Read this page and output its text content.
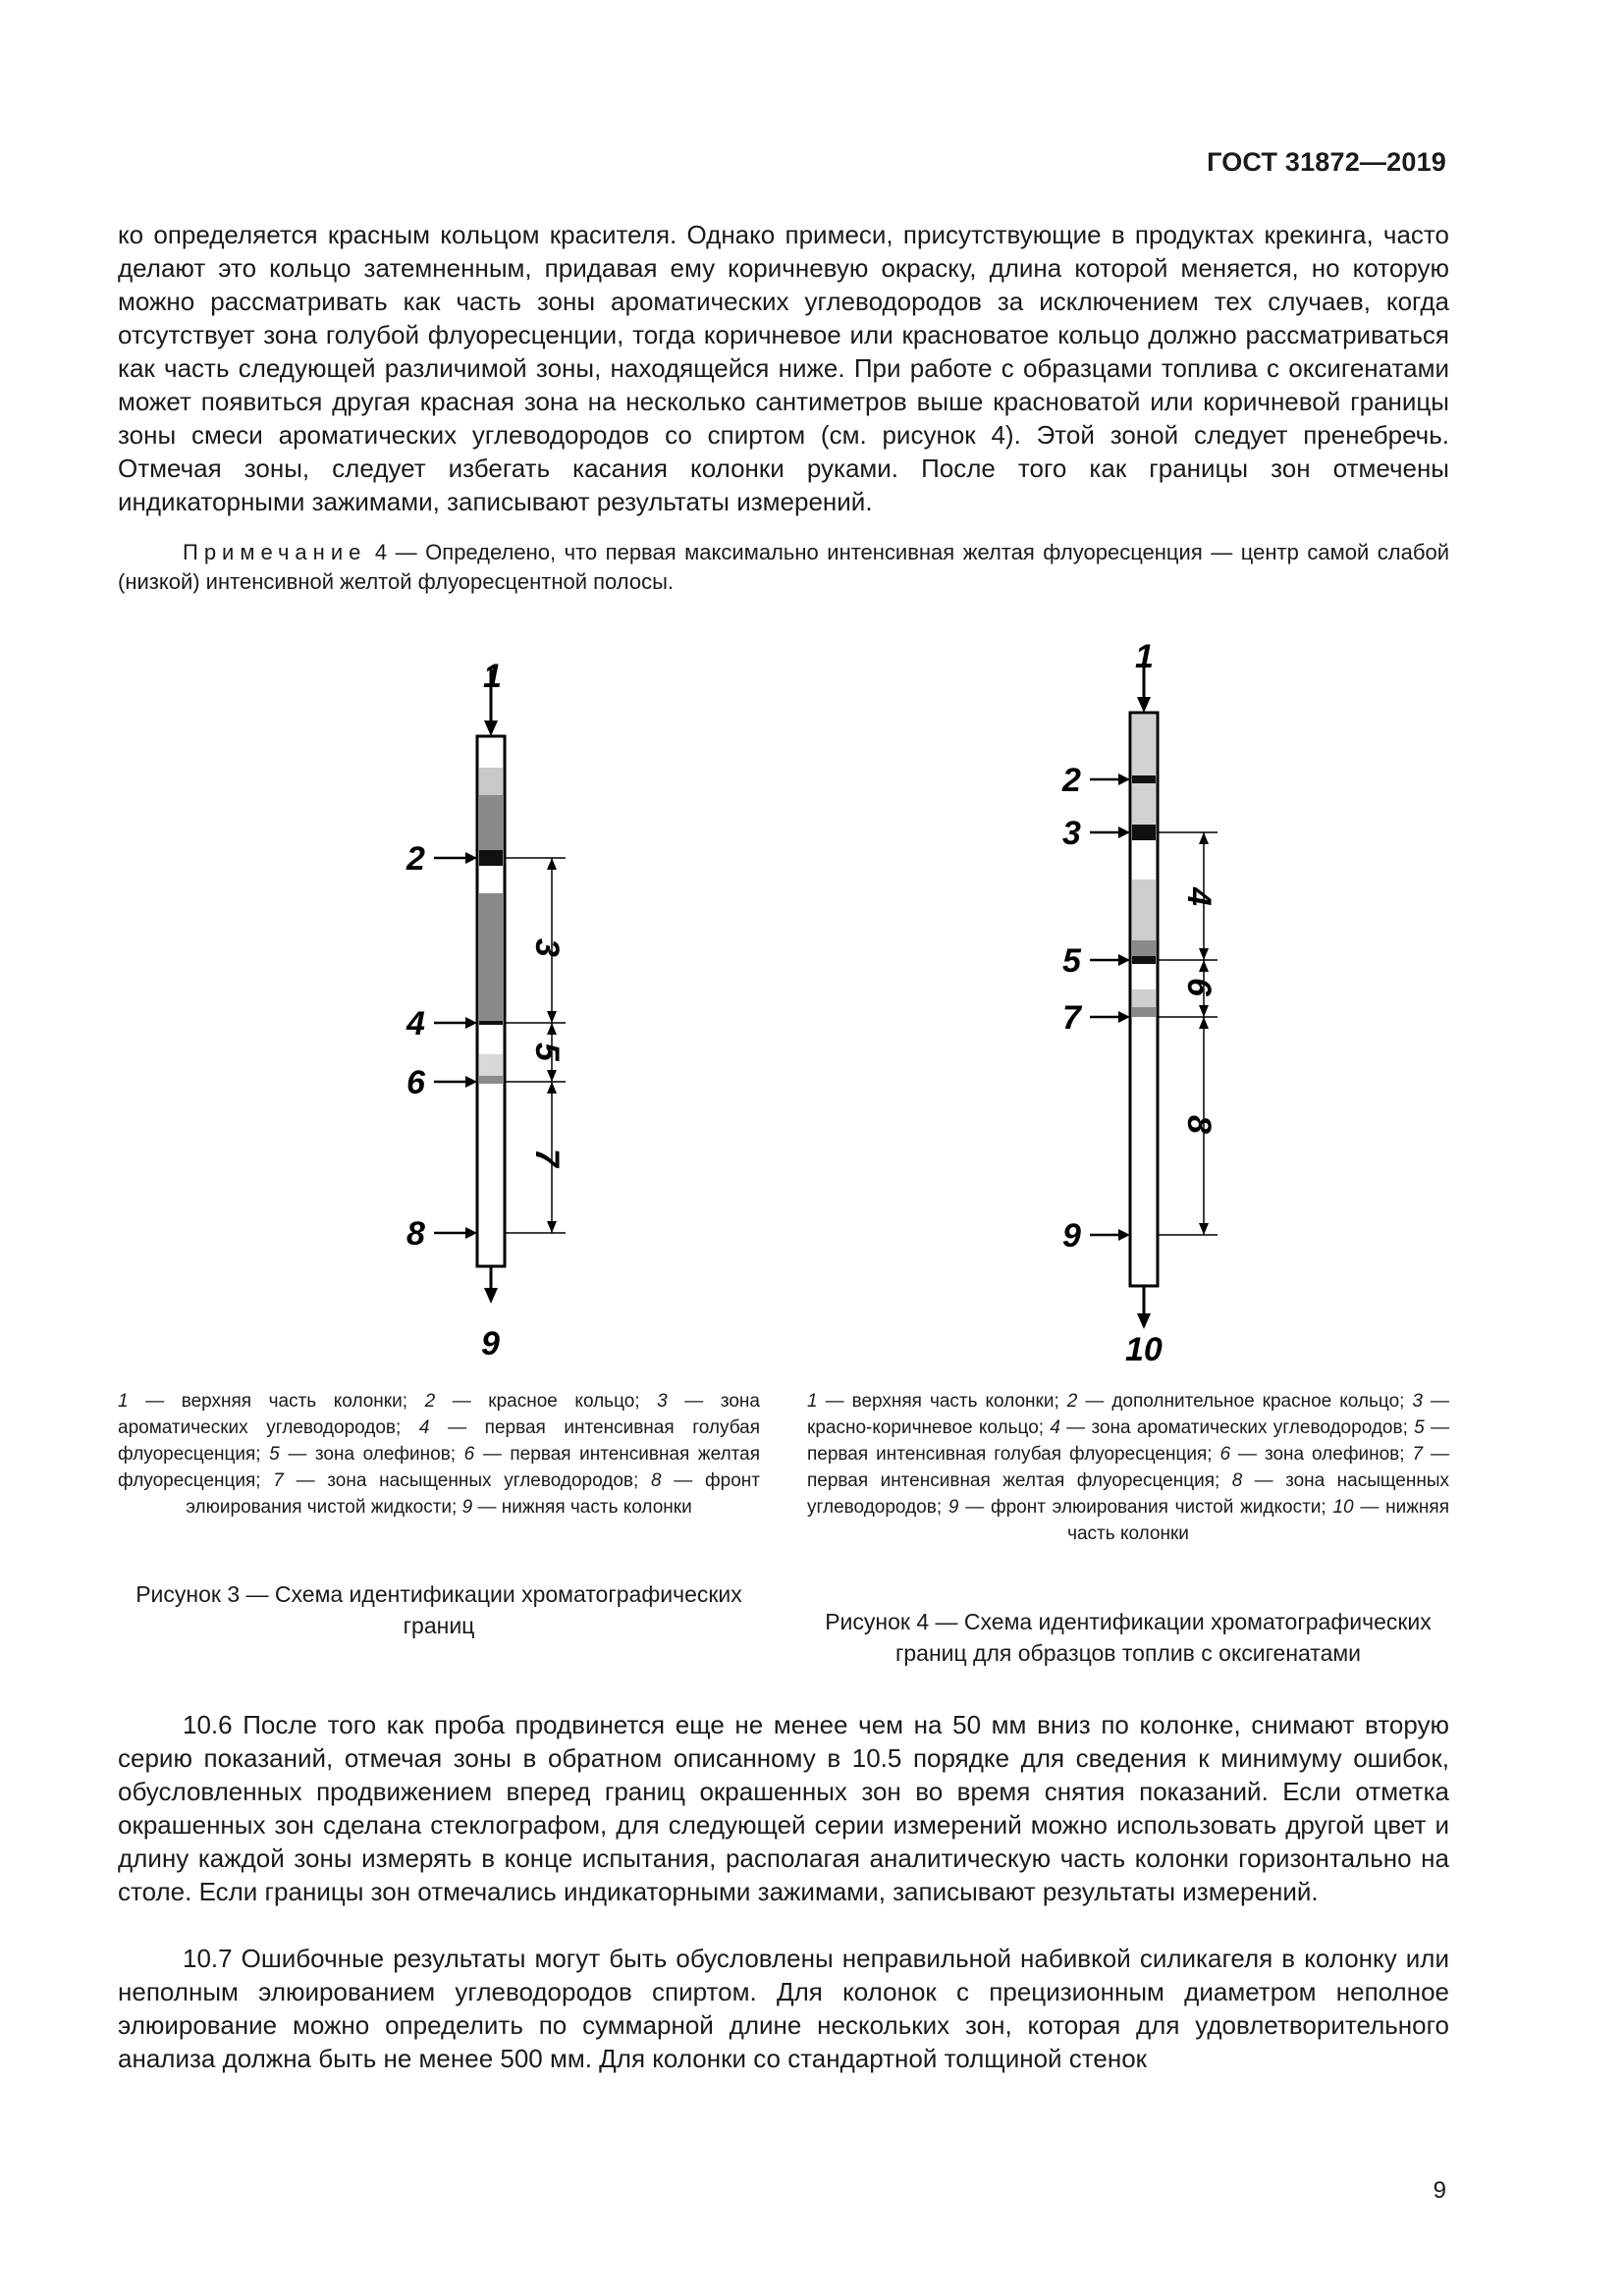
ГОСТ 31872—2019

ко определяется красным кольцом красителя. Однако примеси, присутствующие в продуктах крекинга, часто делают это кольцо затемненным, придавая ему коричневую окраску, длина которой меняется, но которую можно рассматривать как часть зоны ароматических углеводородов за исключением тех случаев, когда отсутствует зона голубой флуоресценции, тогда коричневое или красноватое кольцо должно рассматриваться как часть следующей различимой зоны, находящейся ниже. При работе с образцами топлива с оксигенатами может появиться другая красная зона на несколько сантиметров выше красноватой или коричневой границы зоны смеси ароматических углеводородов со спиртом (см. рисунок 4). Этой зоной следует пренебречь. Отмечая зоны, следует избегать касания колонки руками. После того как границы зон отмечены индикаторными зажимами, записывают результаты измерений.

Примечание 4 — Определено, что первая максимально интенсивная желтая флуоресценция — центр самой слабой (низкой) интенсивной желтой флуоресцентной полосы.
1
2
4
6
8
9
3
5
7
1 — верхняя часть колонки; 2 — красное кольцо; 3 — зона ароматических углеводородов; 4 — первая интенсивная голубая флуоресценция; 5 — зона олефинов; 6 — первая интенсивная желтая флуоресценция; 7 — зона насыщенных углеводородов; 8 — фронт элюирования чистой жидкости; 9 — нижняя часть колонки
Рисунок 3 — Схема идентификации хроматографических границ
1
2
3
5
7
9
10
4
6
8
1 — верхняя часть колонки; 2 — дополнительное красное кольцо; 3 — красно-коричневое кольцо; 4 — зона ароматических углеводородов; 5 — первая интенсивная голубая флуоресценция; 6 — зона олефинов; 7 — первая интенсивная желтая флуоресценция; 8 — зона насыщенных углеводородов; 9 — фронт элюирования чистой жидкости; 10 — нижняя часть колонки
Рисунок 4 — Схема идентификации хроматографических границ для образцов топлив с оксигенатами

10.6 После того как проба продвинется еще не менее чем на 50 мм вниз по колонке, снимают вторую серию показаний, отмечая зоны в обратном описанному в 10.5 порядке для сведения к минимуму ошибок, обусловленных продвижением вперед границ окрашенных зон во время снятия показаний. Если отметка окрашенных зон сделана стеклографом, для следующей серии измерений можно использовать другой цвет и длину каждой зоны измерять в конце испытания, располагая аналитическую часть колонки горизонтально на столе. Если границы зон отмечались индикаторными зажимами, записывают результаты измерений.

10.7 Ошибочные результаты могут быть обусловлены неправильной набивкой силикагеля в колонку или неполным элюированием углеводородов спиртом. Для колонок с прецизионным диаметром неполное элюирование можно определить по суммарной длине нескольких зон, которая для удовлетворительного анализа должна быть не менее 500 мм. Для колонки со стандартной толщиной стенок

9
